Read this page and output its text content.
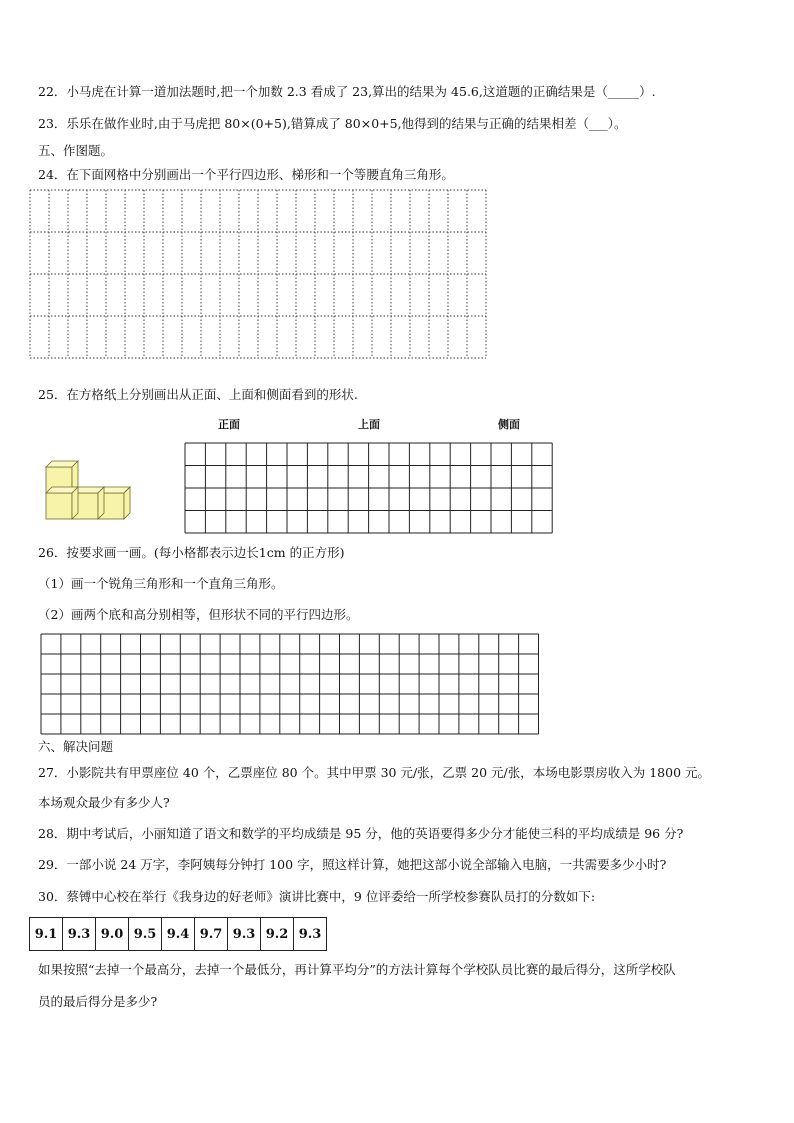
22．小马虎在计算一道加法题时,把一个加数 2.3 看成了 23,算出的结果为 45.6,这道题的正确结果是（_____）.
23．乐乐在做作业时,由于马虎把 80×(0+5),错算成了 80×0+5,他得到的结果与正确的结果相差（___）。
五、作图题。
24．在下面网格中分别画出一个平行四边形、梯形和一个等腰直角三角形。
25．在方格纸上分别画出从正面、上面和侧面看到的形状.
正面	上面	侧面
26．按要求画一画。(每小格都表示边长1cm 的正方形)
（1）画一个锐角三角形和一个直角三角形。
（2）画两个底和高分别相等，但形状不同的平行四边形。
六、解决问题
27．小影院共有甲票座位 40 个，乙票座位 80 个。其中甲票 30 元/张，乙票 20 元/张，本场电影票房收入为 1800 元。
本场观众最少有多少人?
28．期中考试后，小丽知道了语文和数学的平均成绩是 95 分，他的英语要得多少分才能使三科的平均成绩是 96 分?
29．一部小说 24 万字，李阿姨每分钟打 100 字，照这样计算，她把这部小说全部输入电脑，一共需要多少小时?
30．蔡镈中心校在举行《我身边的好老师》演讲比赛中，9 位评委给一所学校参赛队员打的分数如下:
9.1	9.3	9.0	9.5	9.4	9.7	9.3	9.2	9.3
如果按照“去掉一个最高分，去掉一个最低分，再计算平均分”的方法计算每个学校队员比赛的最后得分，这所学校队
员的最后得分是多少?
